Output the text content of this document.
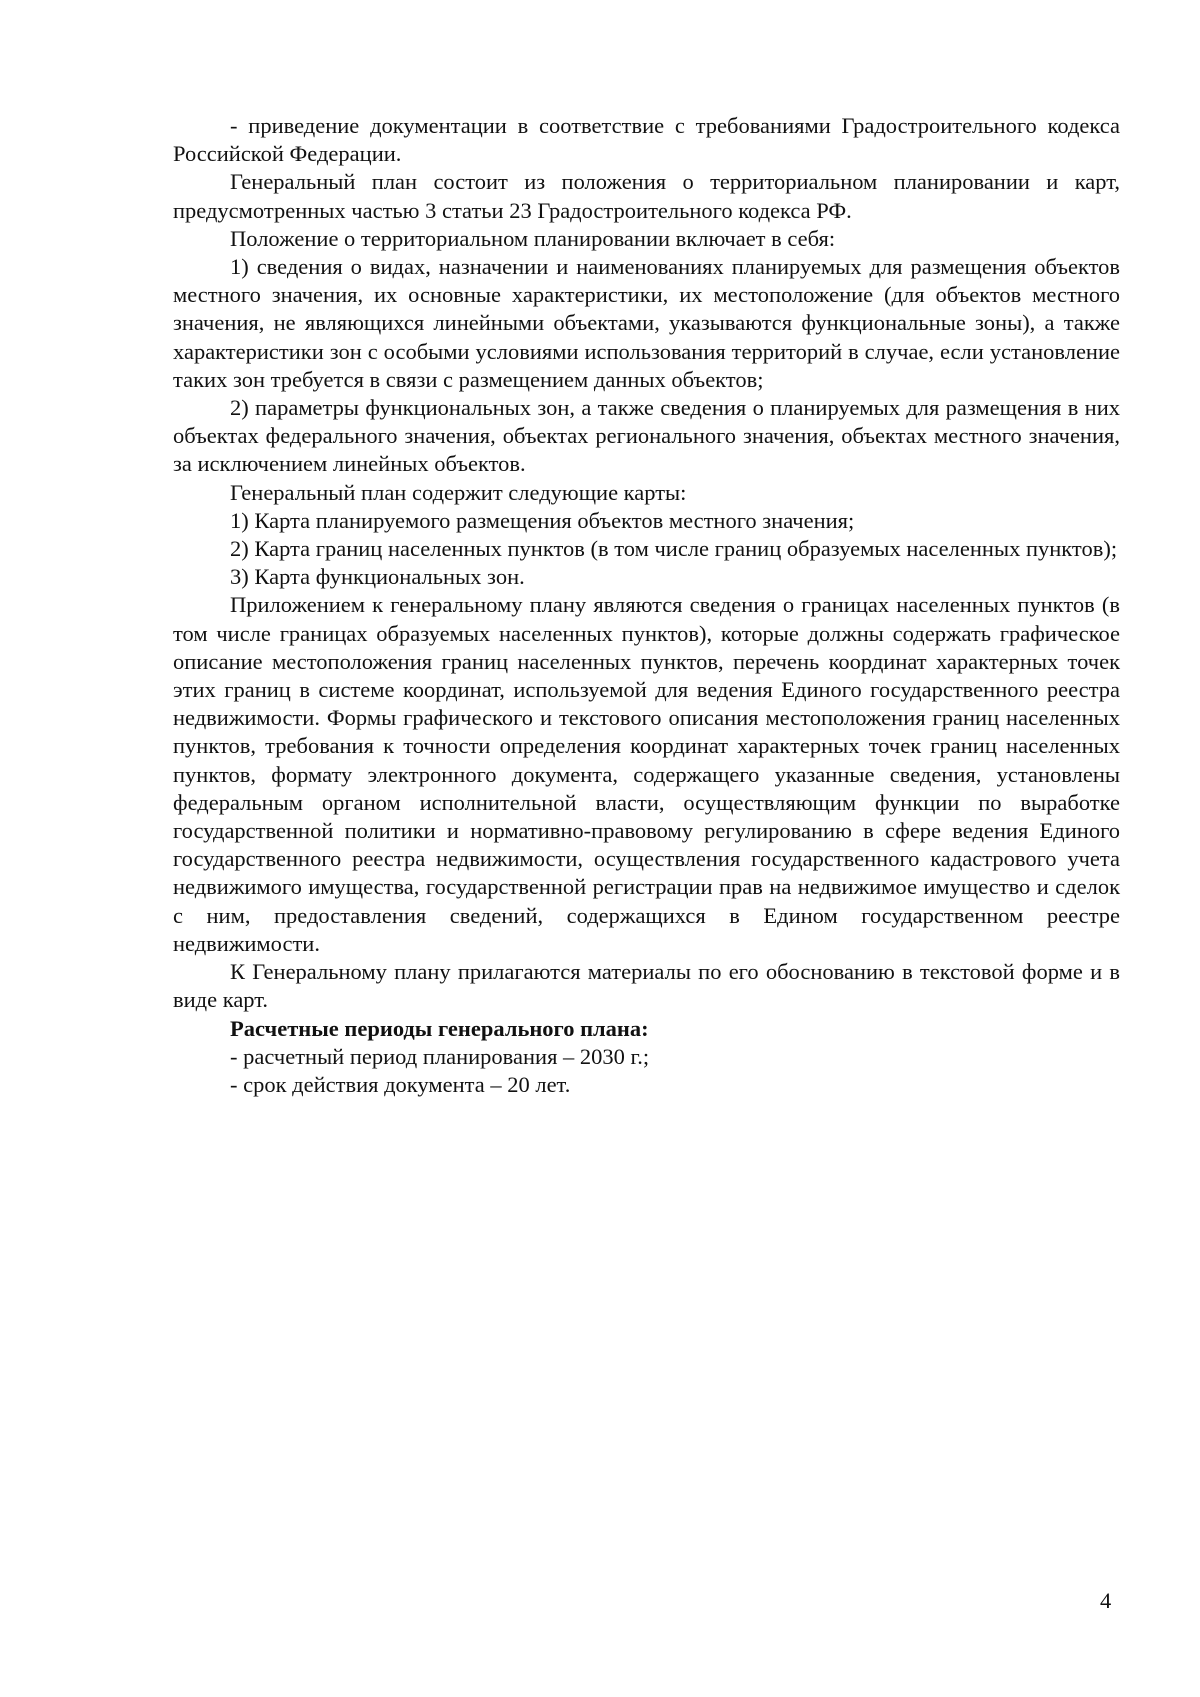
- приведение документации в соответствие с требованиями Градостроительного кодекса Российской Федерации.

Генеральный план состоит из положения о территориальном планировании и карт, предусмотренных частью 3 статьи 23 Градостроительного кодекса РФ.

Положение о территориальном планировании включает в себя:

1) сведения о видах, назначении и наименованиях планируемых для размещения объектов местного значения, их основные характеристики, их местоположение (для объектов местного значения, не являющихся линейными объектами, указываются функциональные зоны), а также характеристики зон с особыми условиями использования территорий в случае, если установление таких зон требуется в связи с размещением данных объектов;

2) параметры функциональных зон, а также сведения о планируемых для размещения в них объектах федерального значения, объектах регионального значения, объектах местного значения, за исключением линейных объектов.

Генеральный план содержит следующие карты:

1) Карта планируемого размещения объектов местного значения;

2) Карта границ населенных пунктов (в том числе границ образуемых населенных пунктов);

3) Карта функциональных зон.

Приложением к генеральному плану являются сведения о границах населенных пунктов (в том числе границах образуемых населенных пунктов), которые должны содержать графическое описание местоположения границ населенных пунктов, перечень координат характерных точек этих границ в системе координат, используемой для ведения Единого государственного реестра недвижимости. Формы графического и текстового описания местоположения границ населенных пунктов, требования к точности определения координат характерных точек границ населенных пунктов, формату электронного документа, содержащего указанные сведения, установлены федеральным органом исполнительной власти, осуществляющим функции по выработке государственной политики и нормативно-правовому регулированию в сфере ведения Единого государственного реестра недвижимости, осуществления государственного кадастрового учета недвижимого имущества, государственной регистрации прав на недвижимое имущество и сделок с ним, предоставления сведений, содержащихся в Едином государственном реестре недвижимости.

К Генеральному плану прилагаются материалы по его обоснованию в текстовой форме и в виде карт.

Расчетные периоды генерального плана:

- расчетный период планирования – 2030 г.;

- срок действия документа – 20 лет.

4
